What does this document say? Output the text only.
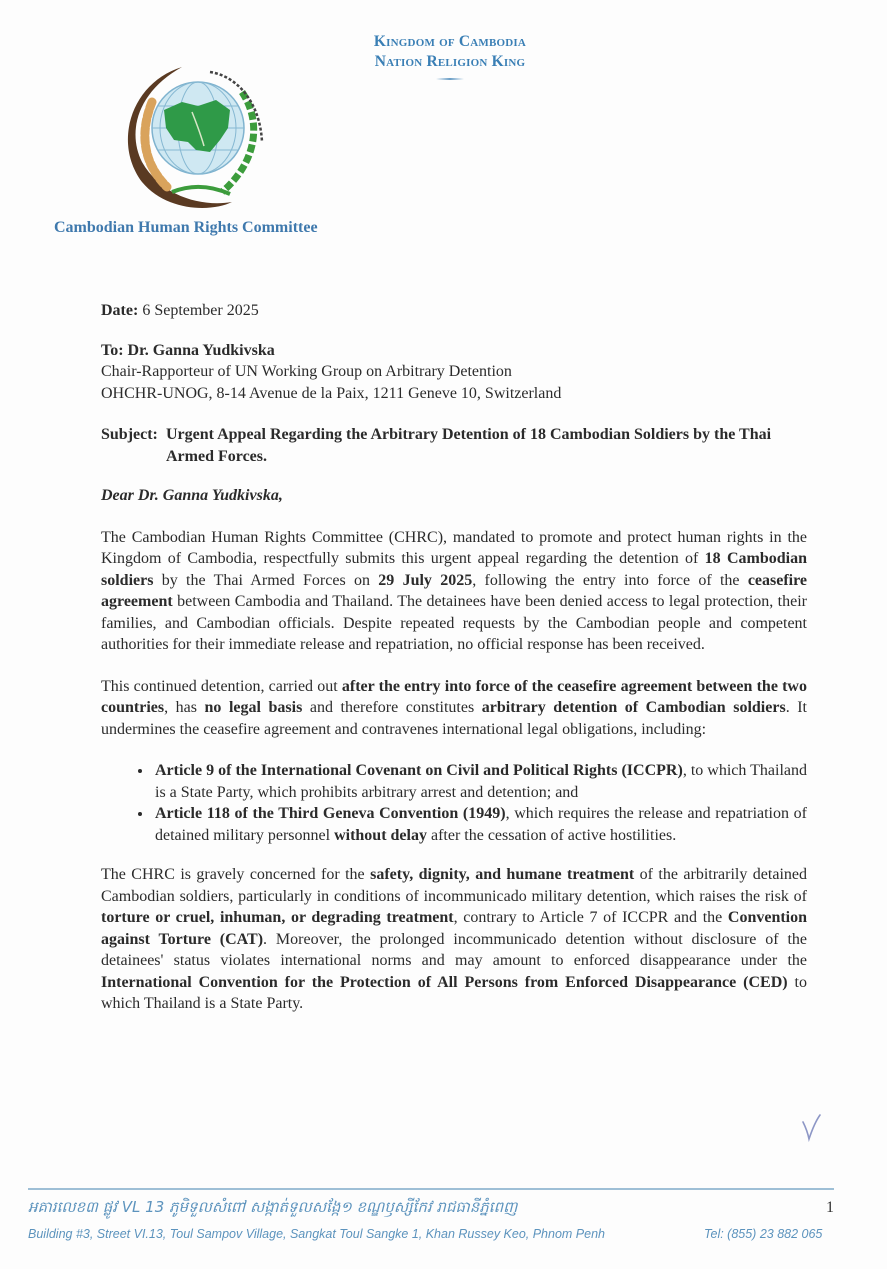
Kingdom of Cambodia
Nation Religion King
Cambodian Human Rights Committee

Date: 6 September 2025

To: Dr. Ganna Yudkivska

Chair-Rapporteur of UN Working Group on Arbitrary Detention

OHCHR-UNOG, 8-14 Avenue de la Paix, 1211 Geneve 10, Switzerland

Subject: Urgent Appeal Regarding the Arbitrary Detention of 18 Cambodian Soldiers by the Thai Armed Forces.

Dear Dr. Ganna Yudkivska,

The Cambodian Human Rights Committee (CHRC), mandated to promote and protect human rights in the Kingdom of Cambodia, respectfully submits this urgent appeal regarding the detention of 18 Cambodian soldiers by the Thai Armed Forces on 29 July 2025, following the entry into force of the ceasefire agreement between Cambodia and Thailand. The detainees have been denied access to legal protection, their families, and Cambodian officials. Despite repeated requests by the Cambodian people and competent authorities for their immediate release and repatriation, no official response has been received.

This continued detention, carried out after the entry into force of the ceasefire agreement between the two countries, has no legal basis and therefore constitutes arbitrary detention of Cambodian soldiers. It undermines the ceasefire agreement and contravenes international legal obligations, including:

• Article 9 of the International Covenant on Civil and Political Rights (ICCPR), to which Thailand is a State Party, which prohibits arbitrary arrest and detention; and
• Article 118 of the Third Geneva Convention (1949), which requires the release and repatriation of detained military personnel without delay after the cessation of active hostilities.

The CHRC is gravely concerned for the safety, dignity, and humane treatment of the arbitrarily detained Cambodian soldiers, particularly in conditions of incommunicado military detention, which raises the risk of torture or cruel, inhuman, or degrading treatment, contrary to Article 7 of ICCPR and the Convention against Torture (CAT). Moreover, the prolonged incommunicado detention without disclosure of the detainees' status violates international norms and may amount to enforced disappearance under the International Convention for the Protection of All Persons from Enforced Disappearance (CED) to which Thailand is a State Party.

អគារលេខ៣ ផ្លូវ VL 13 ភូមិទួលសំពៅ សង្កាត់ទួលសង្កែ១ ខណ្ឌឫស្សីកែវ រាជធានីភ្នំពេញ	1
Building #3, Street VI.13, Toul Sampov Village, Sangkat Toul Sangke 1, Khan Russey Keo, Phnom Penh	Tel: (855) 23 882 065
